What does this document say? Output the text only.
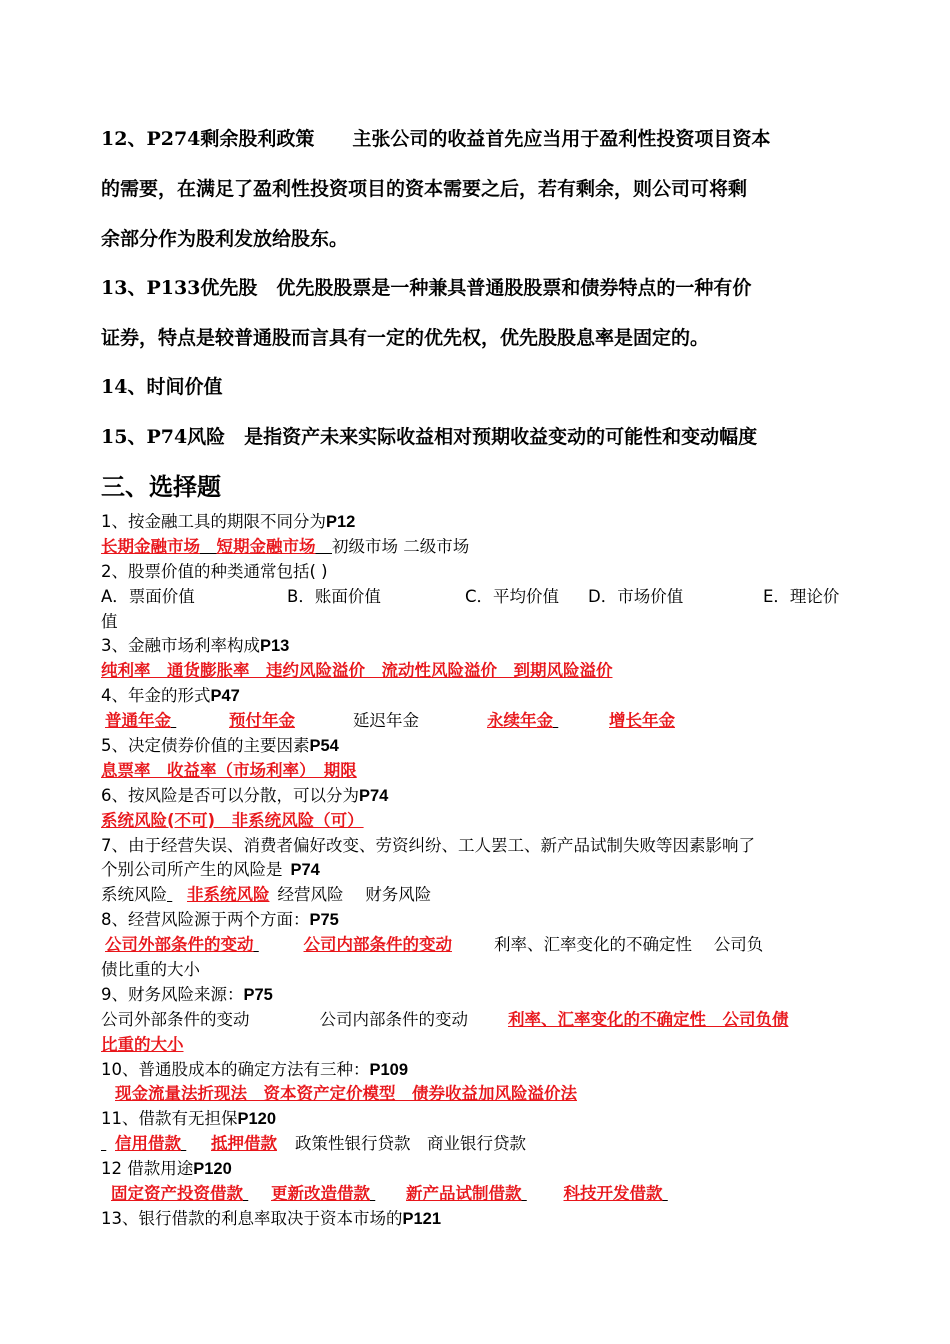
12、P274剩余股利政策　　主张公司的收益首先应当用于盈利性投资项目资本
的需要，在满足了盈利性投资项目的资本需要之后，若有剩余，则公司可将剩
余部分作为股利发放给股东。
13、P133优先股　优先股股票是一种兼具普通股股票和债券特点的一种有价
证券，特点是较普通股而言具有一定的优先权，优先股股息率是固定的。
14、时间价值
15、P74风险　是指资产未来实际收益相对预期收益变动的可能性和变动幅度
三、选择题
1、按金融工具的期限不同分为P12
长期金融市场　 短期金融市场　 初级市场 二级市场
2、股票价值的种类通常包括( )
A．票面价值	B．账面价值	C．平均价值 D．市场价值	E．理论价
值
3、金融市场利率构成P13
纯利率　 通货膨胀率　 违约风险溢价　 流动性风险溢价　 到期风险溢价
4、年金的形式P47
普通年金	预付年金	延迟年金	永续年金	增长年金
5、决定债券价值的主要因素P54
息票率　收益率（市场利率）　期限
6、按风险是否可以分散，可以分为P74
系统风险(不可)　非系统风险（可）
7、由于经营失误、消费者偏好改变、劳资纠纷、工人罢工、新产品试制失败等因素影响了
个别公司所产生的风险是 P74
系统风险 非系统风险 经营风险　 财务风险
8、经营风险源于两个方面：P75
公司外部条件的变动	公司内部条件的变动	利率、汇率变化的不确定性　 公司负
债比重的大小
9、财务风险来源：P75
公司外部条件的变动	公司内部条件的变动 利率、汇率变化的不确定性　公司负债
比重的大小
10、普通股成本的确定方法有三种：P109
现金流量法折现法　资本资产定价模型　债券收益加风险溢价法
11、借款有无担保P120
信用借款 抵押借款 政策性银行贷款　商业银行贷款
12 借款用途P120
固定资产投资借款 更新改造借款 新产品试制借款	科技开发借款
13、银行借款的利息率取决于资本市场的P121
